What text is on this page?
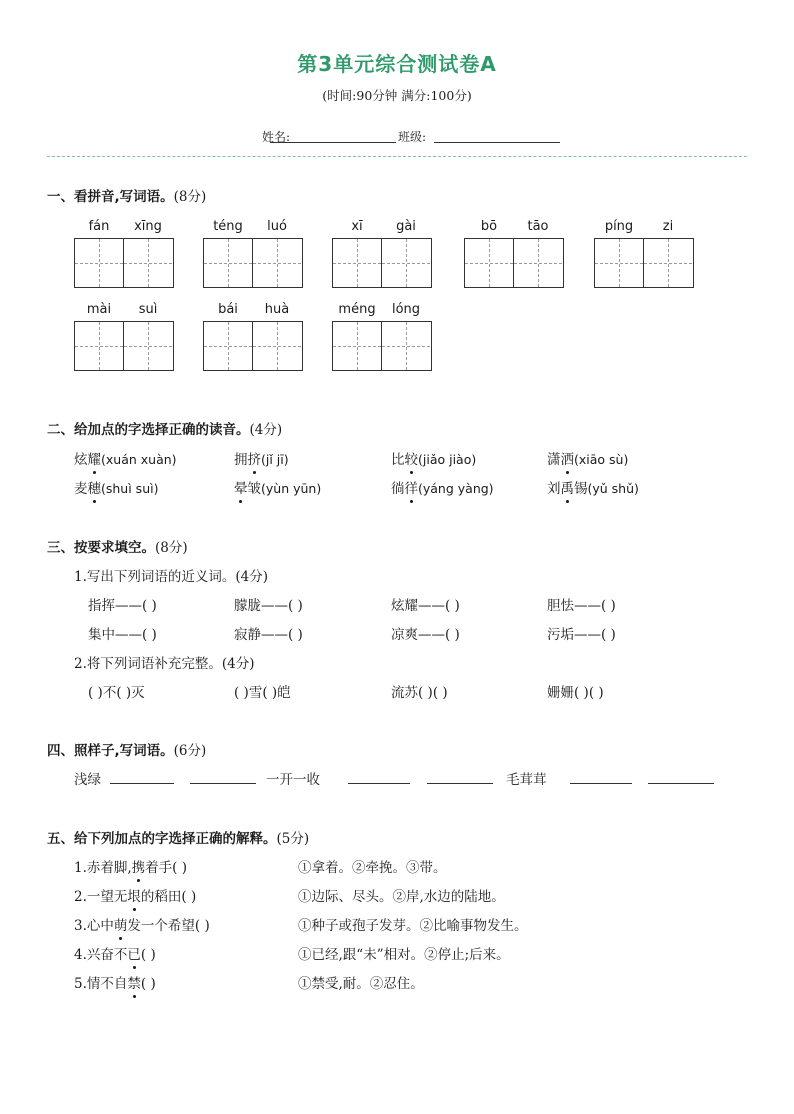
第3单元综合测试卷A
(时间:90分钟 满分:100分)
姓名:	班级:
一、看拼音,写词语。(8分)
fán	xīng	téng	luó	xī	gài	bō	tāo	píng	zi
mài	suì	bái	huà	méng	lóng
二、给加点的字选择正确的读音。(4分)
炫耀(xuán xuàn)	拥挤(jǐ jī)	比较(jiǎo jiào)	潇洒(xiāo sù)
麦穗(shuì suì)	晕皱(yùn yūn)	徜徉(yáng yàng)	刘禹锡(yǔ shǔ)
三、按要求填空。(8分)
1.写出下列词语的近义词。(4分)
指挥——( )	朦胧——( )	炫耀——( )	胆怯——( )
集中——( )	寂静——( )	凉爽——( )	污垢——( )
2.将下列词语补充完整。(4分)
( )不( )灭	( )雪( )皑	流苏( )( )	姗姗( )( )
四、照样子,写词语。(6分)
浅绿	一开一收	毛茸茸
五、给下列加点的字选择正确的解释。(5分)
1.赤着脚,携着手( )	①拿着。②牵挽。③带。
2.一望无垠的稻田( )	①边际、尽头。②岸,水边的陆地。
3.心中萌发一个希望( )	①种子或孢子发芽。②比喻事物发生。
4.兴奋不已( )	①已经,跟“未”相对。②停止;后来。
5.情不自禁( )	①禁受,耐。②忍住。
